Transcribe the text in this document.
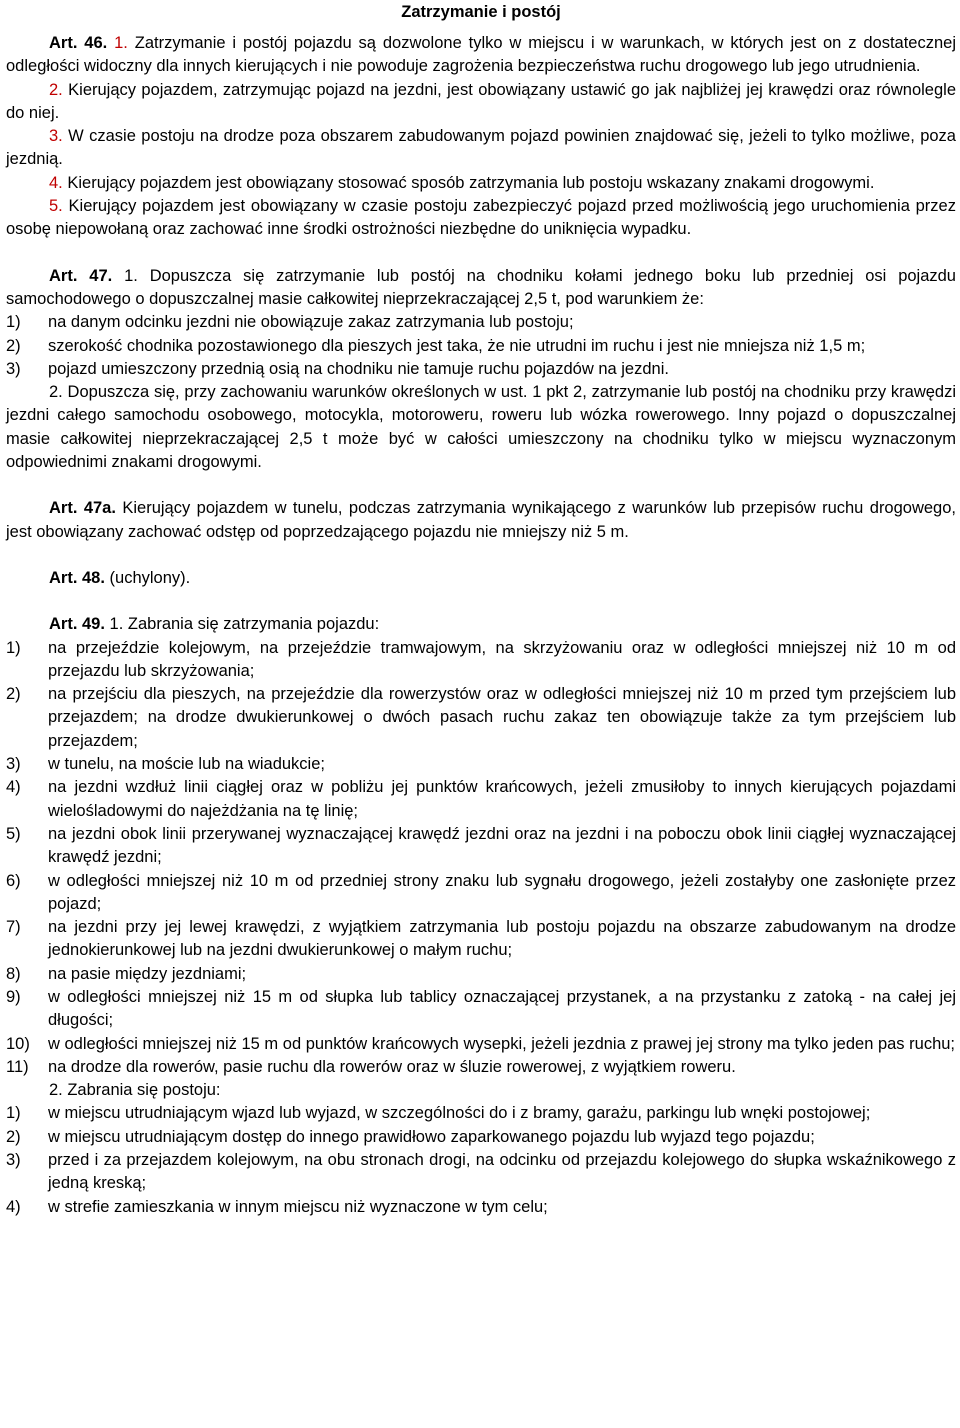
Zatrzymanie i postój

Art. 46. 1. Zatrzymanie i postój pojazdu są dozwolone tylko w miejscu i w warunkach, w których jest on z dostatecznej odległości widoczny dla innych kierujących i nie powoduje zagrożenia bezpieczeństwa ruchu drogowego lub jego utrudnienia.

2. Kierujący pojazdem, zatrzymując pojazd na jezdni, jest obowiązany ustawić go jak najbliżej jej krawędzi oraz równolegle do niej.

3. W czasie postoju na drodze poza obszarem zabudowanym pojazd powinien znajdować się, jeżeli to tylko możliwe, poza jezdnią.

4. Kierujący pojazdem jest obowiązany stosować sposób zatrzymania lub postoju wskazany znakami drogowymi.

5. Kierujący pojazdem jest obowiązany w czasie postoju zabezpieczyć pojazd przed możliwością jego uruchomienia przez osobę niepowołaną oraz zachować inne środki ostrożności niezbędne do uniknięcia wypadku.

Art. 47. 1. Dopuszcza się zatrzymanie lub postój na chodniku kołami jednego boku lub przedniej osi pojazdu samochodowego o dopuszczalnej masie całkowitej nieprzekraczającej 2,5 t, pod warunkiem że:

1)	na danym odcinku jezdni nie obowiązuje zakaz zatrzymania lub postoju;
2)	szerokość chodnika pozostawionego dla pieszych jest taka, że nie utrudni im ruchu i jest nie mniejsza niż 1,5 m;
3)	pojazd umieszczony przednią osią na chodniku nie tamuje ruchu pojazdów na jezdni.

2. Dopuszcza się, przy zachowaniu warunków określonych w ust. 1 pkt 2, zatrzymanie lub postój na chodniku przy krawędzi jezdni całego samochodu osobowego, motocykla, motoroweru, roweru lub wózka rowerowego. Inny pojazd o dopuszczalnej masie całkowitej nieprzekraczającej 2,5 t może być w całości umieszczony na chodniku tylko w miejscu wyznaczonym odpowiednimi znakami drogowymi.

Art. 47a. Kierujący pojazdem w tunelu, podczas zatrzymania wynikającego z warunków lub przepisów ruchu drogowego, jest obowiązany zachować odstęp od poprzedzającego pojazdu nie mniejszy niż 5 m.

Art. 48. (uchylony).

Art. 49. 1. Zabrania się zatrzymania pojazdu:

1)	na przejeździe kolejowym, na przejeździe tramwajowym, na skrzyżowaniu oraz w odległości mniejszej niż 10 m od przejazdu lub skrzyżowania;
2)	na przejściu dla pieszych, na przejeździe dla rowerzystów oraz w odległości mniejszej niż 10 m przed tym przejściem lub przejazdem; na drodze dwukierunkowej o dwóch pasach ruchu zakaz ten obowiązuje także za tym przejściem lub przejazdem;
3)	w tunelu, na moście lub na wiadukcie;
4)	na jezdni wzdłuż linii ciągłej oraz w pobliżu jej punktów krańcowych, jeżeli zmusiłoby to innych kierujących pojazdami wielośladowymi do najeżdżania na tę linię;
5)	na jezdni obok linii przerywanej wyznaczającej krawędź jezdni oraz na jezdni i na poboczu obok linii ciągłej wyznaczającej krawędź jezdni;
6)	w odległości mniejszej niż 10 m od przedniej strony znaku lub sygnału drogowego, jeżeli zostałyby one zasłonięte przez pojazd;
7)	na jezdni przy jej lewej krawędzi, z wyjątkiem zatrzymania lub postoju pojazdu na obszarze zabudowanym na drodze jednokierunkowej lub na jezdni dwukierunkowej o małym ruchu;
8)	na pasie między jezdniami;
9)	w odległości mniejszej niż 15 m od słupka lub tablicy oznaczającej przystanek, a na przystanku z zatoką - na całej jej długości;
10)	w odległości mniejszej niż 15 m od punktów krańcowych wysepki, jeżeli jezdnia z prawej jej strony ma tylko jeden pas ruchu;
11)	na drodze dla rowerów, pasie ruchu dla rowerów oraz w śluzie rowerowej, z wyjątkiem roweru.

2. Zabrania się postoju:

1)	w miejscu utrudniającym wjazd lub wyjazd, w szczególności do i z bramy, garażu, parkingu lub wnęki postojowej;
2)	w miejscu utrudniającym dostęp do innego prawidłowo zaparkowanego pojazdu lub wyjazd tego pojazdu;
3)	przed i za przejazdem kolejowym, na obu stronach drogi, na odcinku od przejazdu kolejowego do słupka wskaźnikowego z jedną kreską;
4)	w strefie zamieszkania w innym miejscu niż wyznaczone w tym celu;
